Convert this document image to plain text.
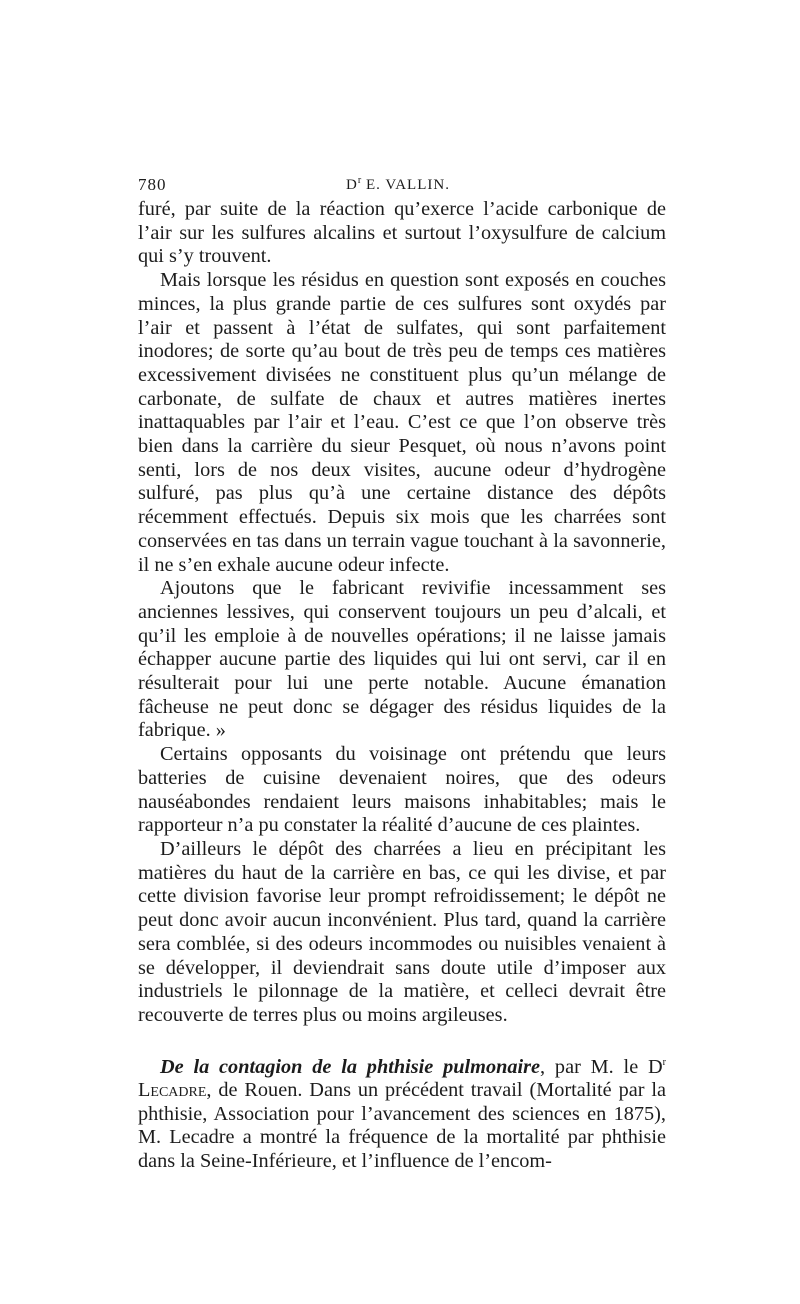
780	$D^r$ E. VALLIN.

furé, par suite de la réaction qu’exerce l’acide carbonique de l’air sur les sulfures alcalins et surtout l’oxysulfure de calcium qui s’y trouvent.

Mais lorsque les résidus en question sont exposés en couches minces, la plus grande partie de ces sulfures sont oxydés par l’air et passent à l’état de sulfates, qui sont parfaitement inodores; de sorte qu’au bout de très peu de temps ces matières excessivement divisées ne constituent plus qu’un mélange de carbonate, de sulfate de chaux et autres matières inertes inattaquables par l’air et l’eau. C’est ce que l’on observe très bien dans la carrière du sieur Pesquet, où nous n’avons point senti, lors de nos deux visites, aucune odeur d’hydrogène sulfuré, pas plus qu’à une certaine distance des dépôts récemment effectués. Depuis six mois que les charrées sont conservées en tas dans un terrain vague touchant à la savonnerie, il ne s’en exhale aucune odeur infecte.

Ajoutons que le fabricant revivifie incessamment ses anciennes lessives, qui conservent toujours un peu d’alcali, et qu’il les emploie à de nouvelles opérations; il ne laisse jamais échapper aucune partie des liquides qui lui ont servi, car il en résulterait pour lui une perte notable. Aucune émanation fâcheuse ne peut donc se dégager des résidus liquides de la fabrique. »

Certains opposants du voisinage ont prétendu que leurs batteries de cuisine devenaient noires, que des odeurs nauséabondes rendaient leurs maisons inhabitables; mais le rapporteur n’a pu constater la réalité d’aucune de ces plaintes.

D’ailleurs le dépôt des charrées a lieu en précipitant les matières du haut de la carrière en bas, ce qui les divise, et par cette division favorise leur prompt refroidissement; le dépôt ne peut donc avoir aucun inconvénient. Plus tard, quand la carrière sera comblée, si des odeurs incommodes ou nuisibles venaient à se développer, il deviendrait sans doute utile d’imposer aux industriels le pilonnage de la matière, et celleci devrait être recouverte de terres plus ou moins argileuses.

De la contagion de la phthisie pulmonaire, par M. le $D^r$ Lecadre, de Rouen. Dans un précédent travail (Mortalité par la phthisie, Association pour l’avancement des sciences en 1875), M. Lecadre a montré la fréquence de la mortalité par phthisie dans la Seine-Inférieure, et l’influence de l’encom-
